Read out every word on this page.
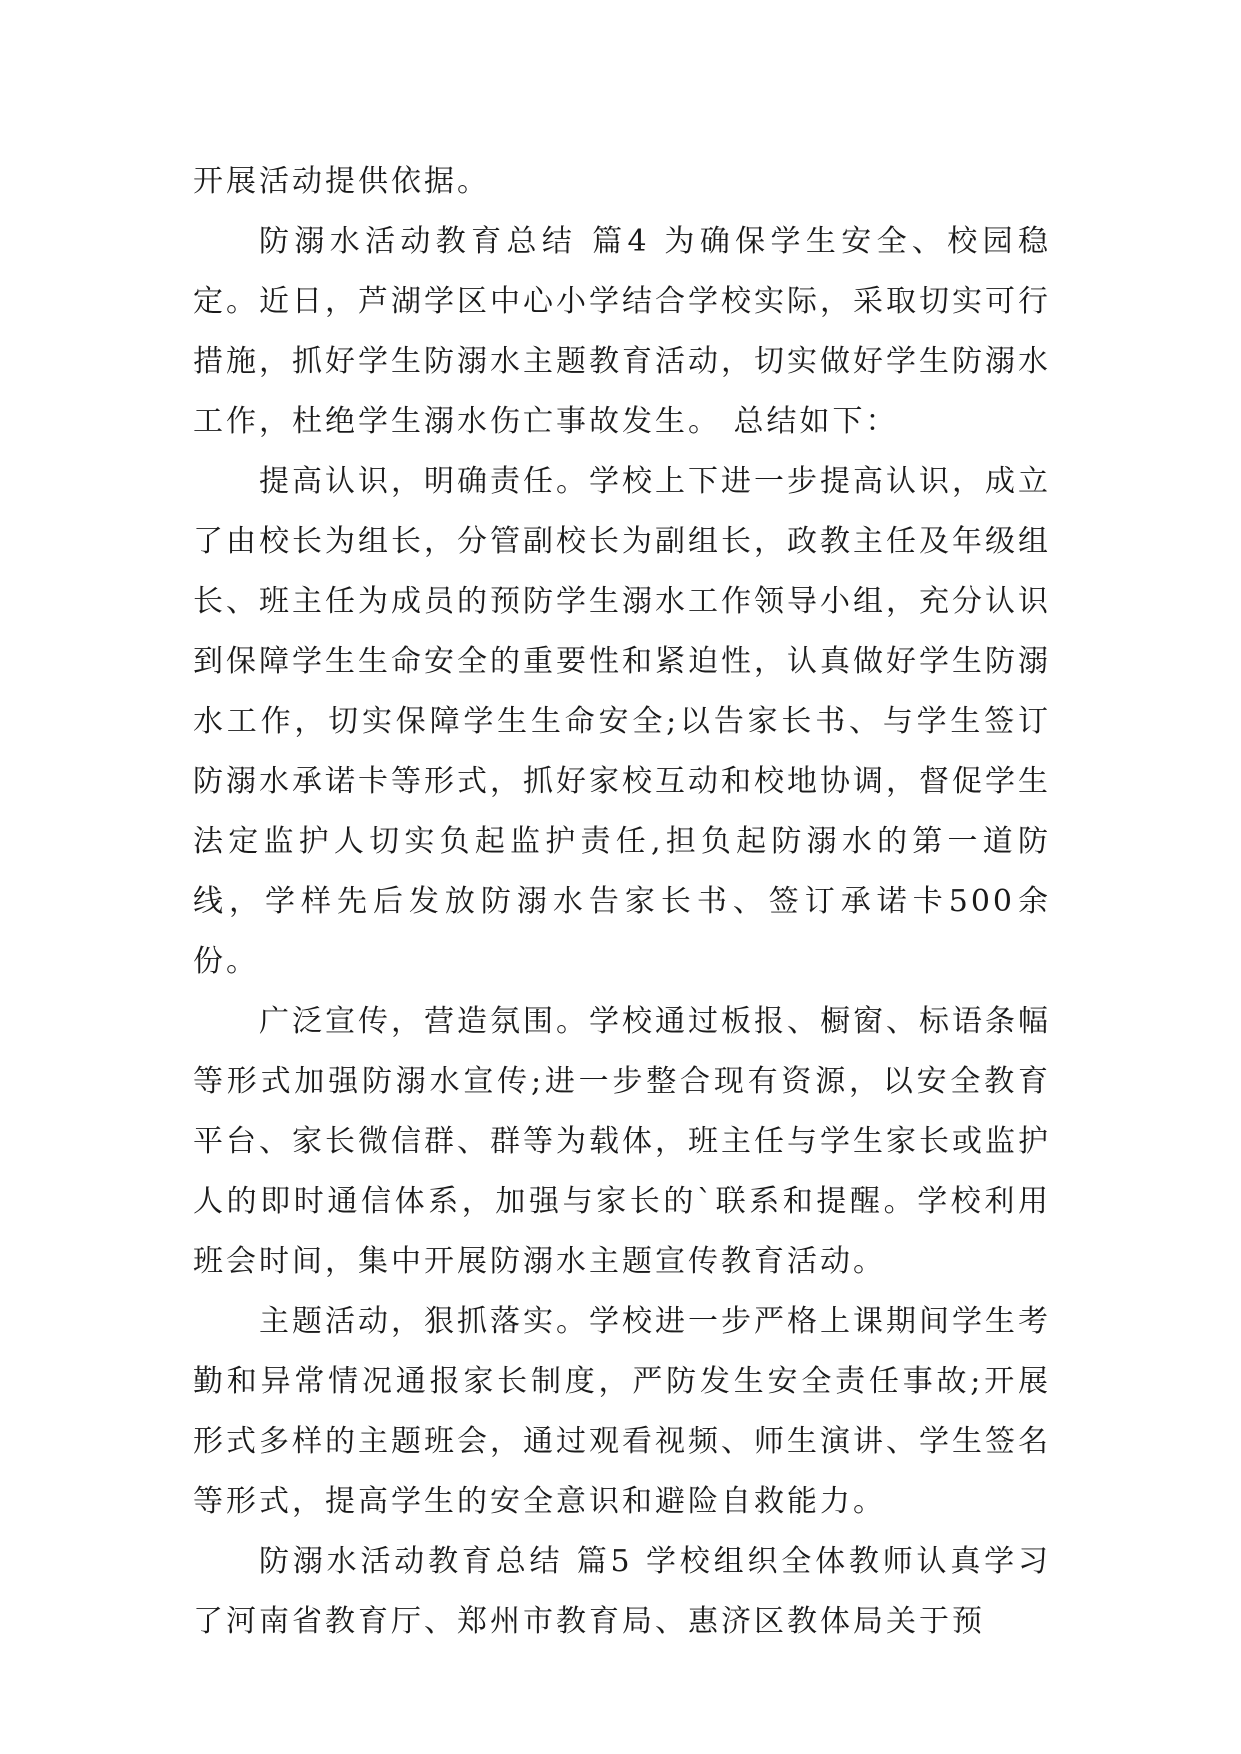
开展活动提供依据。

防溺水活动教育总结 篇4 为确保学生安全、校园稳定。近日，芦湖学区中心小学结合学校实际，采取切实可行措施，抓好学生防溺水主题教育活动，切实做好学生防溺水工作，杜绝学生溺水伤亡事故发生。 总结如下：

提高认识，明确责任。学校上下进一步提高认识，成立了由校长为组长，分管副校长为副组长，政教主任及年级组长、班主任为成员的预防学生溺水工作领导小组，充分认识到保障学生生命安全的重要性和紧迫性，认真做好学生防溺水工作，切实保障学生生命安全;以告家长书、与学生签订防溺水承诺卡等形式，抓好家校互动和校地协调，督促学生法定监护人切实负起监护责任,担负起防溺水的第一道防线，学样先后发放防溺水告家长书、签订承诺卡500余份。

广泛宣传，营造氛围。学校通过板报、橱窗、标语条幅等形式加强防溺水宣传;进一步整合现有资源，以安全教育平台、家长微信群、群等为载体，班主任与学生家长或监护人的即时通信体系，加强与家长的`联系和提醒。学校利用班会时间，集中开展防溺水主题宣传教育活动。

主题活动，狠抓落实。学校进一步严格上课期间学生考勤和异常情况通报家长制度，严防发生安全责任事故;开展形式多样的主题班会，通过观看视频、师生演讲、学生签名等形式，提高学生的安全意识和避险自救能力。

防溺水活动教育总结 篇5 学校组织全体教师认真学习了河南省教育厅、郑州市教育局、惠济区教体局关于预
